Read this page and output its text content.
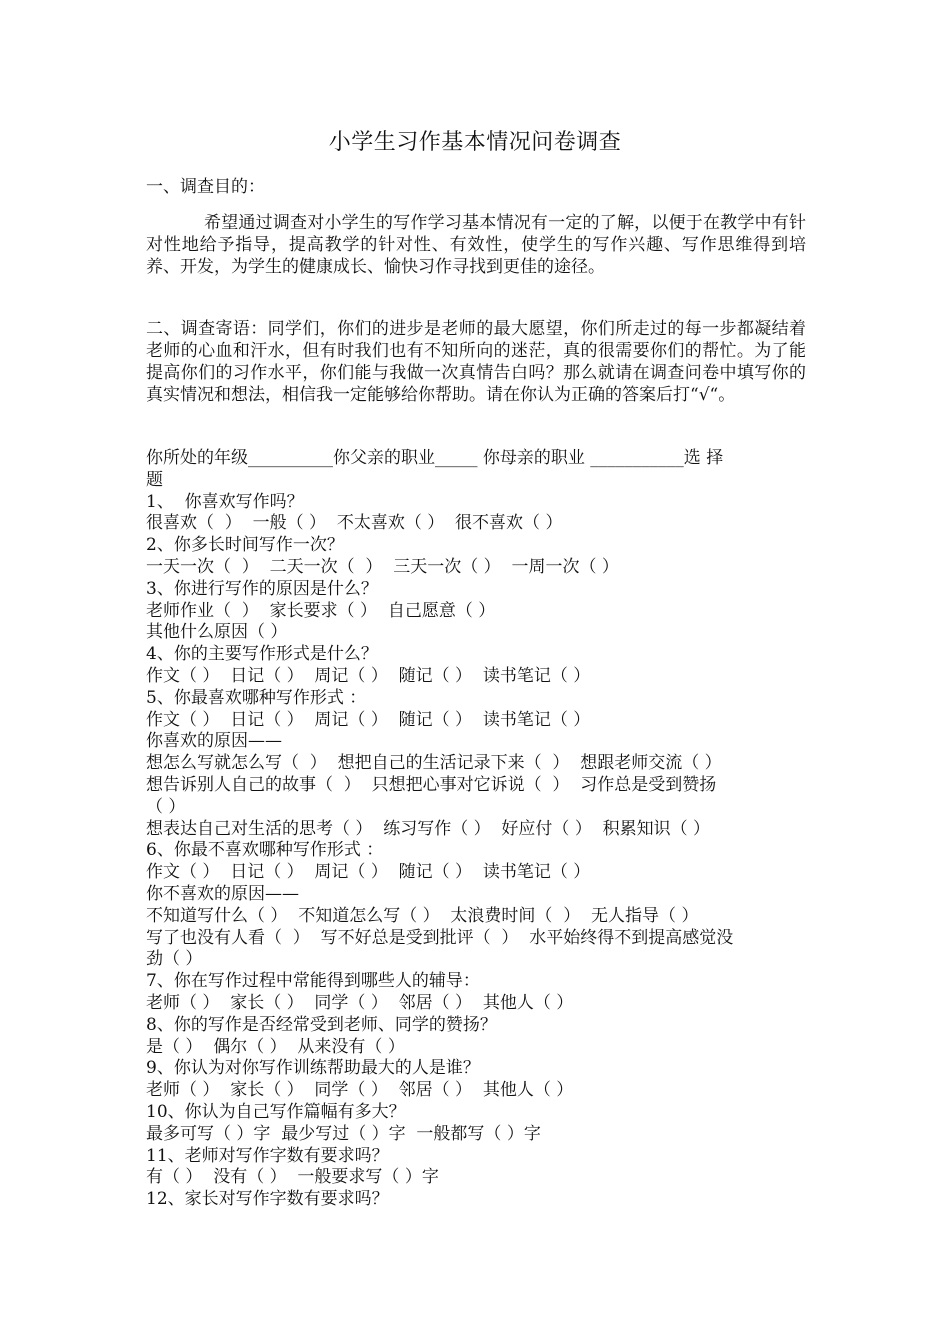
小学生习作基本情况问卷调查
一、调查目的：

希望通过调查对小学生的写作学习基本情况有一定的了解，以便于在教学中有针对性地给予指导，提高教学的针对性、有效性，使学生的写作兴趣、写作思维得到培养、开发，为学生的健康成长、愉快习作寻找到更佳的途径。

二、调查寄语：同学们，你们的进步是老师的最大愿望，你们所走过的每一步都凝结着老师的心血和汗水，但有时我们也有不知所向的迷茫，真的很需要你们的帮忙。为了能提高你们的习作水平，你们能与我做一次真情告白吗？那么就请在调查问卷中填写你的真实情况和想法，相信我一定能够给你帮助。请在你认为正确的答案后打“√“。

你所处的年级__________你父亲的职业_____ 你母亲的职业 ___________选 择
题
1、  你喜欢写作吗？
很喜欢（  ）  一般（ ）  不太喜欢（ ）  很不喜欢（ ）
2、你多长时间写作一次？
一天一次（  ）  二天一次（  ）  三天一次（ ）  一周一次（ ）
3、你进行写作的原因是什么？
老师作业（  ）  家长要求（ ）  自己愿意（ ）
其他什么原因（ ）
4、你的主要写作形式是什么？
作文（ ）  日记（ ）  周记（ ）  随记（ ）  读书笔记（ ）
5、你最喜欢哪种写作形式 ：
作文（ ）  日记（ ）  周记（ ）  随记（ ）  读书笔记（ ）
你喜欢的原因——
想怎么写就怎么写（  ）  想把自己的生活记录下来（  ）  想跟老师交流（ ）
想告诉别人自己的故事（  ）  只想把心事对它诉说（  ）  习作总是受到赞扬
（ ）
想表达自己对生活的思考（ ）  练习写作（ ）  好应付（ ）  积累知识（ ）
6、你最不喜欢哪种写作形式 ：
作文（ ）  日记（ ）  周记（ ）  随记（ ）  读书笔记（ ）
你不喜欢的原因——
不知道写什么（ ）  不知道怎么写（ ）  太浪费时间（  ）  无人指导（ ）
写了也没有人看（  ）  写不好总是受到批评（  ）  水平始终得不到提高感觉没
劲（ ）
7、你在写作过程中常能得到哪些人的辅导：
老师（ ）  家长（ ）  同学（ ）  邻居（ ）  其他人（ ）
8、你的写作是否经常受到老师、同学的赞扬？
是（ ）  偶尔（ ）  从来没有（ ）
9、你认为对你写作训练帮助最大的人是谁？
老师（ ）  家长（ ）  同学（ ）  邻居（ ）  其他人（ ）
10、你认为自己写作篇幅有多大？
最多可写（ ）字  最少写过（ ）字  一般都写（ ）字
11、老师对写作字数有要求吗？
有（ ）  没有（ ）  一般要求写（ ）字
12、家长对写作字数有要求吗？
